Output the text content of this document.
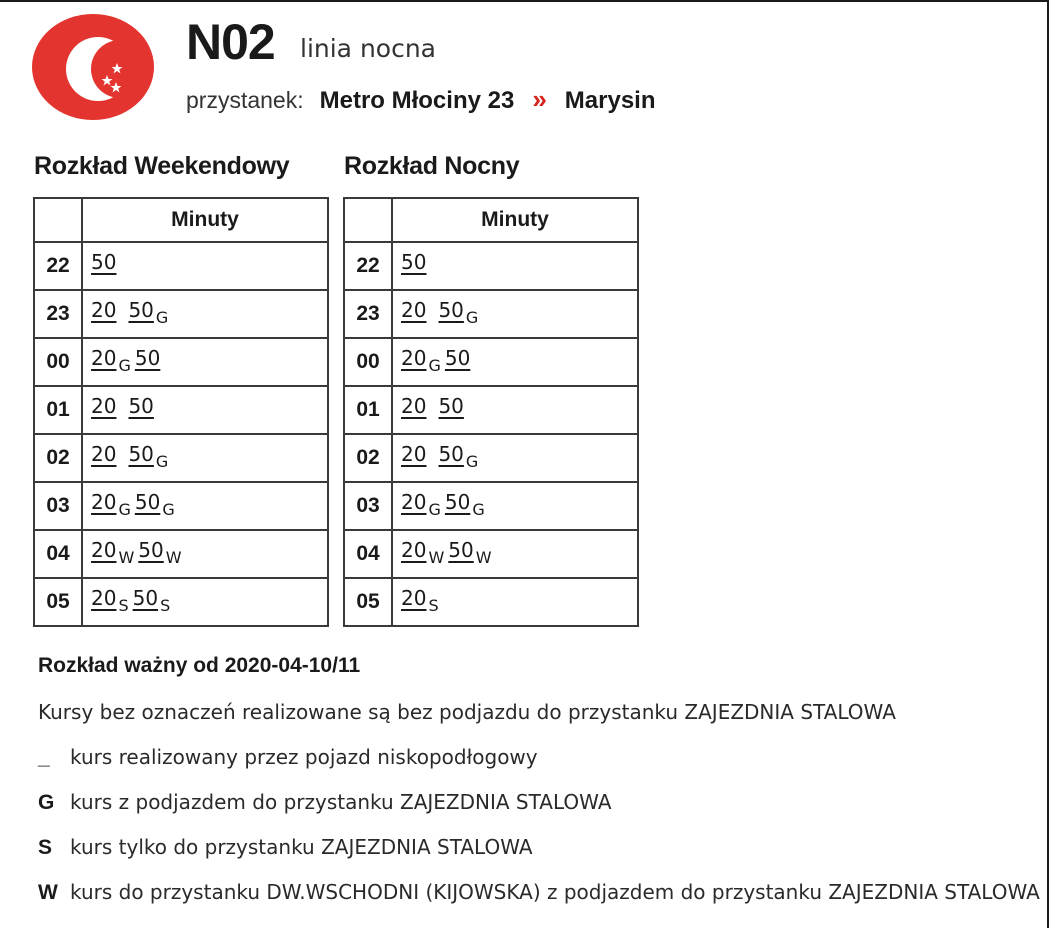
N02 linia nocna
przystanek: Metro Młociny 23 » Marysin
Rozkład Weekendowy Rozkład Nocny
	Minuty
22	50
23	20 50 G
00	20 G 50
01	20 50
02	20 50 G
03	20 G 50 G
04	20 W 50 W
05	20 S 50 S
	Minuty
22	50
23	20 50 G
00	20 G 50
01	20 50
02	20 50 G
03	20 G 50 G
04	20 W 50 W
05	20 S
Rozkład ważny od 2020-04-10/11
Kursy bez oznaczeń realizowane są bez podjazdu do przystanku ZAJEZDNIA STALOWA
_ kurs realizowany przez pojazd niskopodłogowy
G kurs z podjazdem do przystanku ZAJEZDNIA STALOWA
S kurs tylko do przystanku ZAJEZDNIA STALOWA
W kurs do przystanku DW.WSCHODNI (KIJOWSKA) z podjazdem do przystanku ZAJEZDNIA STALOWA
